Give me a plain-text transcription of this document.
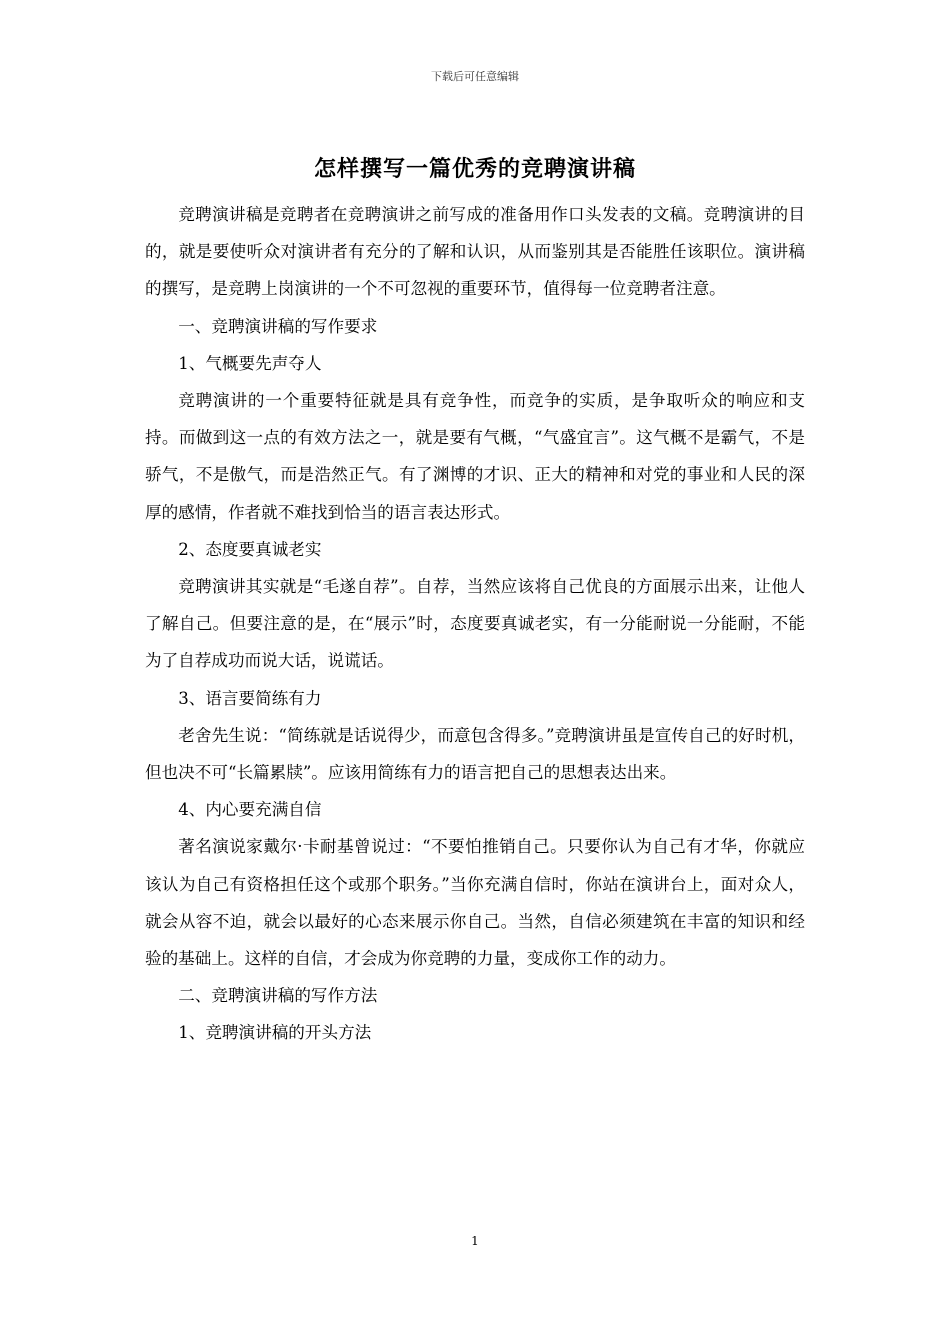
下载后可任意编辑
怎样撰写一篇优秀的竞聘演讲稿

竞聘演讲稿是竞聘者在竞聘演讲之前写成的准备用作口头发表的文稿。竞聘演讲的目的，就是要使听众对演讲者有充分的了解和认识，从而鉴别其是否能胜任该职位。演讲稿的撰写，是竞聘上岗演讲的一个不可忽视的重要环节，值得每一位竞聘者注意。

一、竞聘演讲稿的写作要求

1、气概要先声夺人

竞聘演讲的一个重要特征就是具有竞争性，而竞争的实质，是争取听众的响应和支持。而做到这一点的有效方法之一，就是要有气概，“气盛宜言”。这气概不是霸气，不是骄气，不是傲气，而是浩然正气。有了渊博的才识、正大的精神和对党的事业和人民的深厚的感情，作者就不难找到恰当的语言表达形式。

2、态度要真诚老实

竞聘演讲其实就是“毛遂自荐”。自荐，当然应该将自己优良的方面展示出来，让他人了解自己。但要注意的是，在“展示”时，态度要真诚老实，有一分能耐说一分能耐，不能为了自荐成功而说大话，说谎话。

3、语言要简练有力

老舍先生说：“简练就是话说得少，而意包含得多。”竞聘演讲虽是宣传自己的好时机，但也决不可“长篇累牍”。应该用简练有力的语言把自己的思想表达出来。

4、内心要充满自信

著名演说家戴尔·卡耐基曾说过：“不要怕推销自己。只要你认为自己有才华，你就应该认为自己有资格担任这个或那个职务。”当你充满自信时，你站在演讲台上，面对众人，就会从容不迫，就会以最好的心态来展示你自己。当然，自信必须建筑在丰富的知识和经验的基础上。这样的自信，才会成为你竞聘的力量，变成你工作的动力。

二、竞聘演讲稿的写作方法

1、竞聘演讲稿的开头方法

1
